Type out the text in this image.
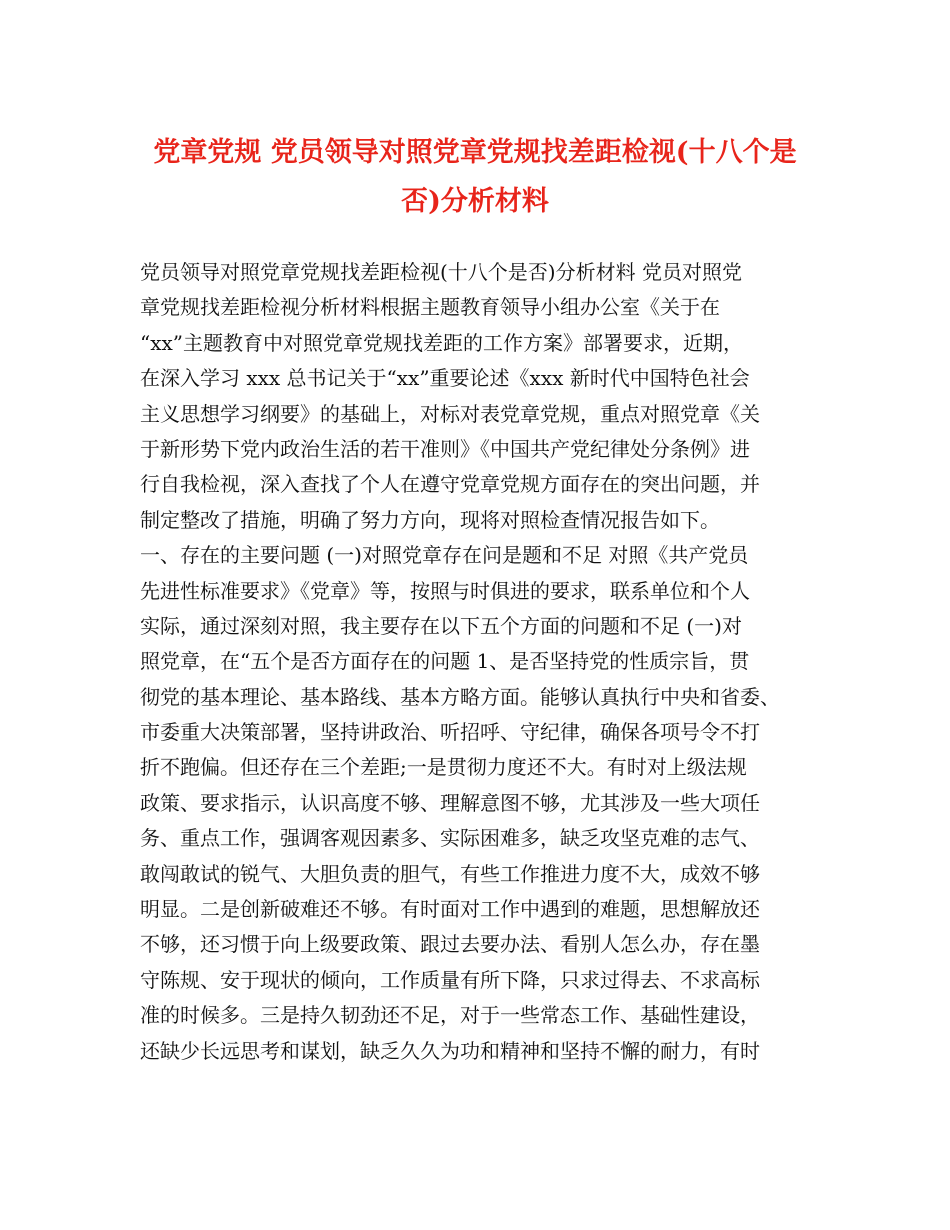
党章党规 党员领导对照党章党规找差距检视(十八个是
否)分析材料
党员领导对照党章党规找差距检视(十八个是否)分析材料 党员对照党
章党规找差距检视分析材料根据主题教育领导小组办公室《关于在
“xx”主题教育中对照党章党规找差距的工作方案》部署要求，近期，
在深入学习 xxx 总书记关于“xx”重要论述《xxx 新时代中国特色社会
主义思想学习纲要》的基础上，对标对表党章党规，重点对照党章《关
于新形势下党内政治生活的若干准则》《中国共产党纪律处分条例》进
行自我检视，深入查找了个人在遵守党章党规方面存在的突出问题，并
制定整改了措施，明确了努力方向，现将对照检查情况报告如下。
一、存在的主要问题 (一)对照党章存在问是题和不足 对照《共产党员
先进性标准要求》《党章》等，按照与时俱进的要求，联系单位和个人
实际，通过深刻对照，我主要存在以下五个方面的问题和不足 (一)对
照党章，在“五个是否方面存在的问题 1、是否坚持党的性质宗旨，贯
彻党的基本理论、基本路线、基本方略方面。能够认真执行中央和省委、
市委重大决策部署，坚持讲政治、听招呼、守纪律，确保各项号令不打
折不跑偏。但还存在三个差距;一是贯彻力度还不大。有时对上级法规
政策、要求指示，认识高度不够、理解意图不够，尤其涉及一些大项任
务、重点工作，强调客观因素多、实际困难多，缺乏攻坚克难的志气、
敢闯敢试的锐气、大胆负责的胆气，有些工作推进力度不大，成效不够
明显。二是创新破难还不够。有时面对工作中遇到的难题，思想解放还
不够，还习惯于向上级要政策、跟过去要办法、看别人怎么办，存在墨
守陈规、安于现状的倾向，工作质量有所下降，只求过得去、不求高标
准的时候多。三是持久韧劲还不足，对于一些常态工作、基础性建设，
还缺少长远思考和谋划，缺乏久久为功和精神和坚持不懈的耐力，有时
